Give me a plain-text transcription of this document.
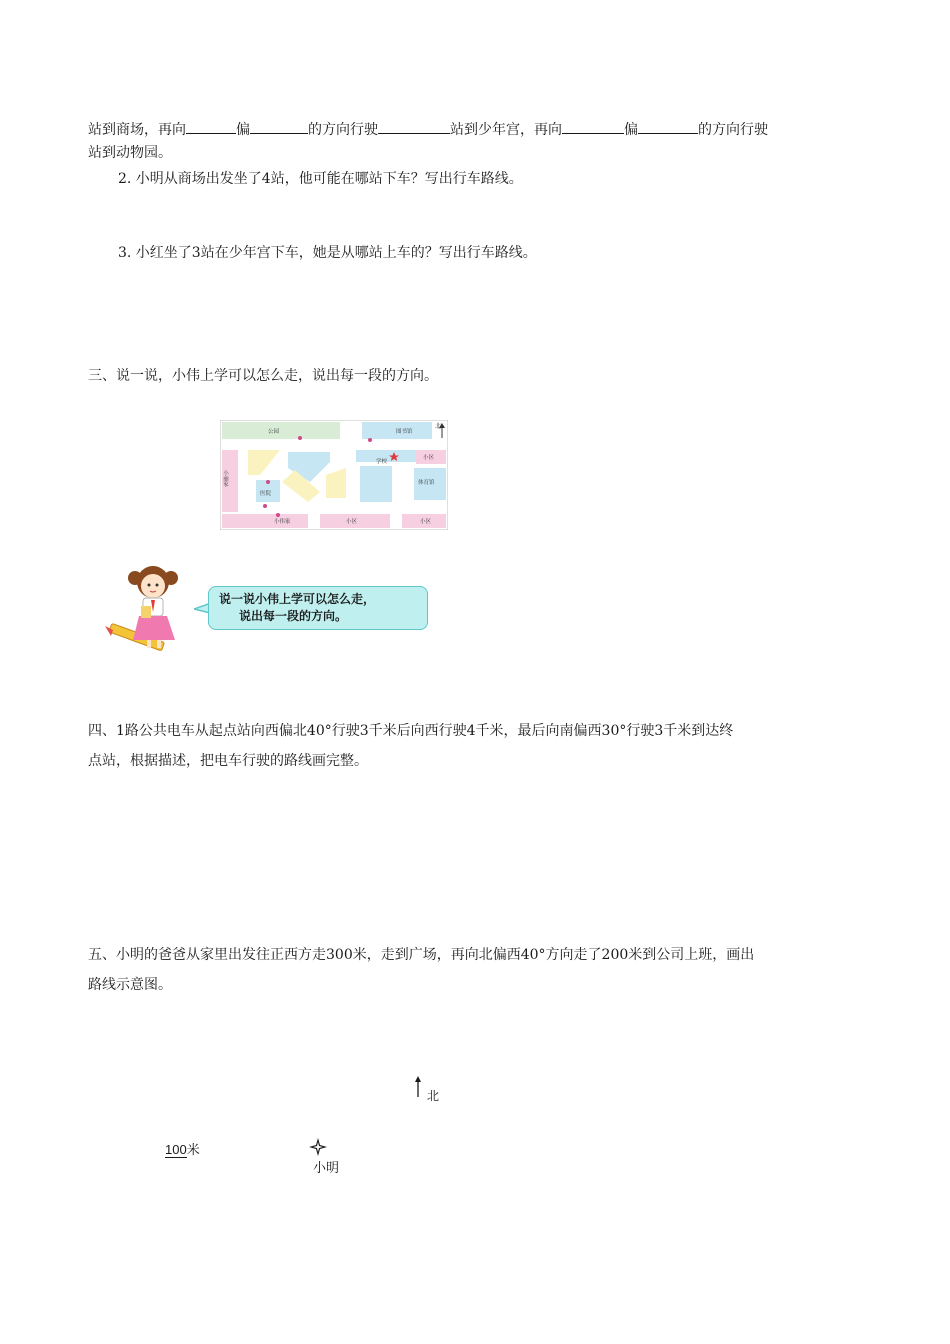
站到商场，再向	偏	的方向行驶	站到少年宫，再向	偏	的方向行驶
站到动物园。
2. 小明从商场出发坐了4站，他可能在哪站下车？写出行车路线。
3. 小红坐了3站在少年宫下车，她是从哪站上车的？写出行车路线。
三、说一说，小伟上学可以怎么走，说出每一段的方向。
北
公园	图书馆
学校
小区
小丽家
医院
体育馆
小伟家	小区	小区
说一说小伟上学可以怎么走，
说出每一段的方向。
四、1路公共电车从起点站向西偏北40°行驶3千米后向西行驶4千米，最后向南偏西30°行驶3千米到达终
点站，根据描述，把电车行驶的路线画完整。
五、小明的爸爸从家里出发往正西方走300米，走到广场，再向北偏西40°方向走了200米到公司上班，画出
路线示意图。
北
100米
小明
